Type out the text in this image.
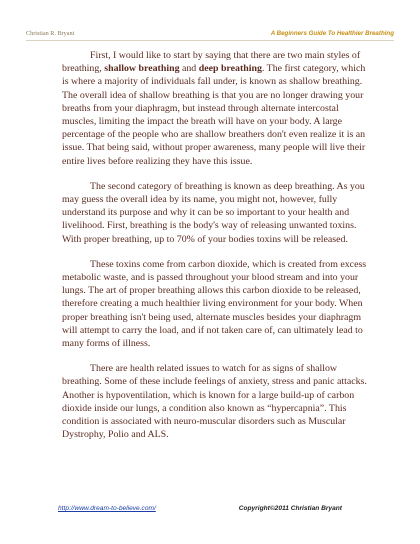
Christian R. Bryant	A Beginners Guide To Healthier Breathing

First, I would like to start by saying that there are two main styles of breathing, shallow breathing and deep breathing. The first category, which is where a majority of individuals fall under, is known as shallow breathing.
The overall idea of shallow breathing is that you are no longer drawing your breaths from your diaphragm, but instead through alternate intercostal muscles, limiting the impact the breath will have on your body. A large percentage of the people who are shallow breathers don't even realize it is an issue. That being said, without proper awareness, many people will live their entire lives before realizing they have this issue.

The second category of breathing is known as deep breathing. As you may guess the overall idea by its name, you might not, however, fully understand its purpose and why it can be so important to your health and livelihood. First, breathing is the body's way of releasing unwanted toxins. With proper breathing, up to 70% of your bodies toxins will be released.

These toxins come from carbon dioxide, which is created from excess metabolic waste, and is passed throughout your blood stream and into your lungs. The art of proper breathing allows this carbon dioxide to be released, therefore creating a much healthier living environment for your body. When proper breathing isn't being used, alternate muscles besides your diaphragm will attempt to carry the load, and if not taken care of, can ultimately lead to many forms of illness.

There are health related issues to watch for as signs of shallow breathing. Some of these include feelings of anxiety, stress and panic attacks. Another is hypoventilation, which is known for a large build-up of carbon dioxide inside our lungs, a condition also known as “hypercapnia”. This condition is associated with neuro-muscular disorders such as Muscular Dystrophy, Polio and ALS.

http://www.dream-to-believe.com/	Copyright©2011 Christian Bryant
